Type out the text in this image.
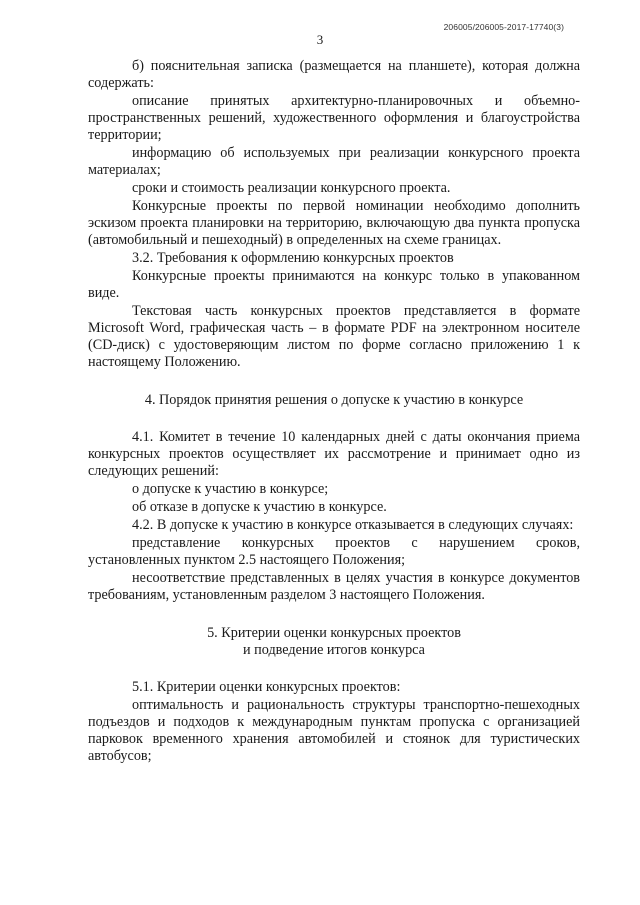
206005/206005-2017-17740(3)
3

б) пояснительная записка (размещается на планшете), которая должна содержать:

описание принятых архитектурно-планировочных и объемно-пространственных решений, художественного оформления и благоустройства территории;

информацию об используемых при реализации конкурсного проекта материалах;

сроки и стоимость реализации конкурсного проекта.

Конкурсные проекты по первой номинации необходимо дополнить эскизом проекта планировки на территорию, включающую два пункта пропуска (автомобильный и пешеходный) в определенных на схеме границах.

3.2. Требования к оформлению конкурсных проектов

Конкурсные проекты принимаются на конкурс только в упакованном виде.

Текстовая часть конкурсных проектов представляется в формате Microsoft Word, графическая часть – в формате PDF на электронном носителе (CD-диск) с удостоверяющим листом по форме согласно приложению 1 к настоящему Положению.

4. Порядок принятия решения о допуске к участию в конкурсе

4.1. Комитет в течение 10 календарных дней с даты окончания приема конкурсных проектов осуществляет их рассмотрение и принимает одно из следующих решений:

о допуске к участию в конкурсе;

об отказе в допуске к участию в конкурсе.

4.2. В допуске к участию в конкурсе отказывается в следующих случаях:

представление конкурсных проектов с нарушением сроков, установленных пунктом 2.5 настоящего Положения;

несоответствие представленных в целях участия в конкурсе документов требованиям, установленным разделом 3 настоящего Положения.

5. Критерии оценки конкурсных проектов

и подведение итогов конкурса

5.1. Критерии оценки конкурсных проектов:

оптимальность и рациональность структуры транспортно-пешеходных подъездов и подходов к международным пунктам пропуска с организацией парковок временного хранения автомобилей и стоянок для туристических автобусов;
